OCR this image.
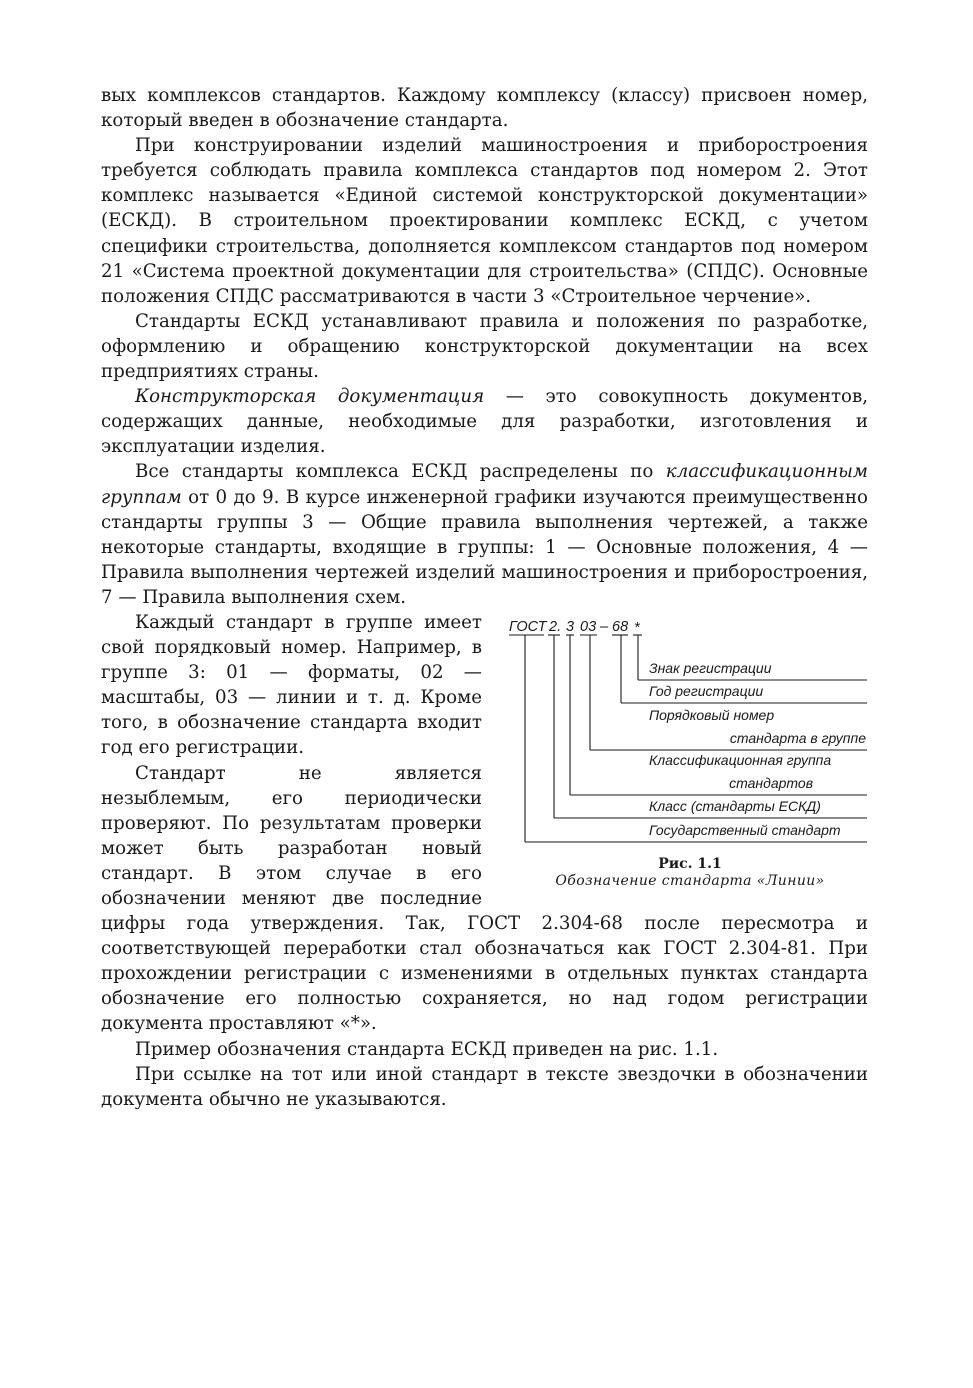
вых комплексов стандартов. Каждому комплексу (классу) присвоен номер, который введен в обозначение стандарта.

При конструировании изделий машиностроения и приборостроения требуется соблюдать правила комплекса стандартов под номером 2. Этот комплекс называется «Единой системой конструкторской документации» (ЕСКД). В строительном проектировании комплекс ЕСКД, с учетом специфики строительства, дополняется комплексом стандартов под номером 21 «Система проектной документации для строительства» (СПДС). Основные положения СПДС рассматриваются в части 3 «Строительное черчение».

Стандарты ЕСКД устанавливают правила и положения по разработке, оформлению и обращению конструкторской документации на всех предприятиях страны.

Конструкторская документация — это совокупность документов, содержащих данные, необходимые для разработки, изготовления и эксплуатации изделия.

Все стандарты комплекса ЕСКД распределены по классификационным группам от 0 до 9. В курсе инженерной графики изучаются преимущественно стандарты группы 3 — Общие правила выполнения чертежей, а также некоторые стандарты, входящие в группы: 1 — Основные положения, 4 — Правила выполнения чертежей изделий машиностроения и приборостроения, 7 — Правила выполнения схем.

ГОСТ 2. 3 03 – 68 *
Знак регистрации
Год регистрации
Порядковый номер
стандарта в группе
Классификационная группа
стандартов
Класс (стандарты ЕСКД)
Государственный стандарт
Рис. 1.1
Обозначение стандарта «Линии»

Каждый стандарт в группе имеет свой порядковый номер. Например, в группе 3: 01 — форматы, 02 — масштабы, 03 — линии и т. д. Кроме того, в обозначение стандарта входит год его регистрации.

Стандарт не является незыблемым, его периодически проверяют. По результатам проверки может быть разработан новый стандарт. В этом случае в его обозначении меняют две последние цифры года утверждения. Так, ГОСТ 2.304-68 после пересмотра и соответствующей переработки стал обозначаться как ГОСТ 2.304-81. При прохождении регистрации с изменениями в отдельных пунктах стандарта обозначение его полностью сохраняется, но над годом регистрации документа проставляют «*».

Пример обозначения стандарта ЕСКД приведен на рис. 1.1.

При ссылке на тот или иной стандарт в тексте звездочки в обозначении документа обычно не указываются.
